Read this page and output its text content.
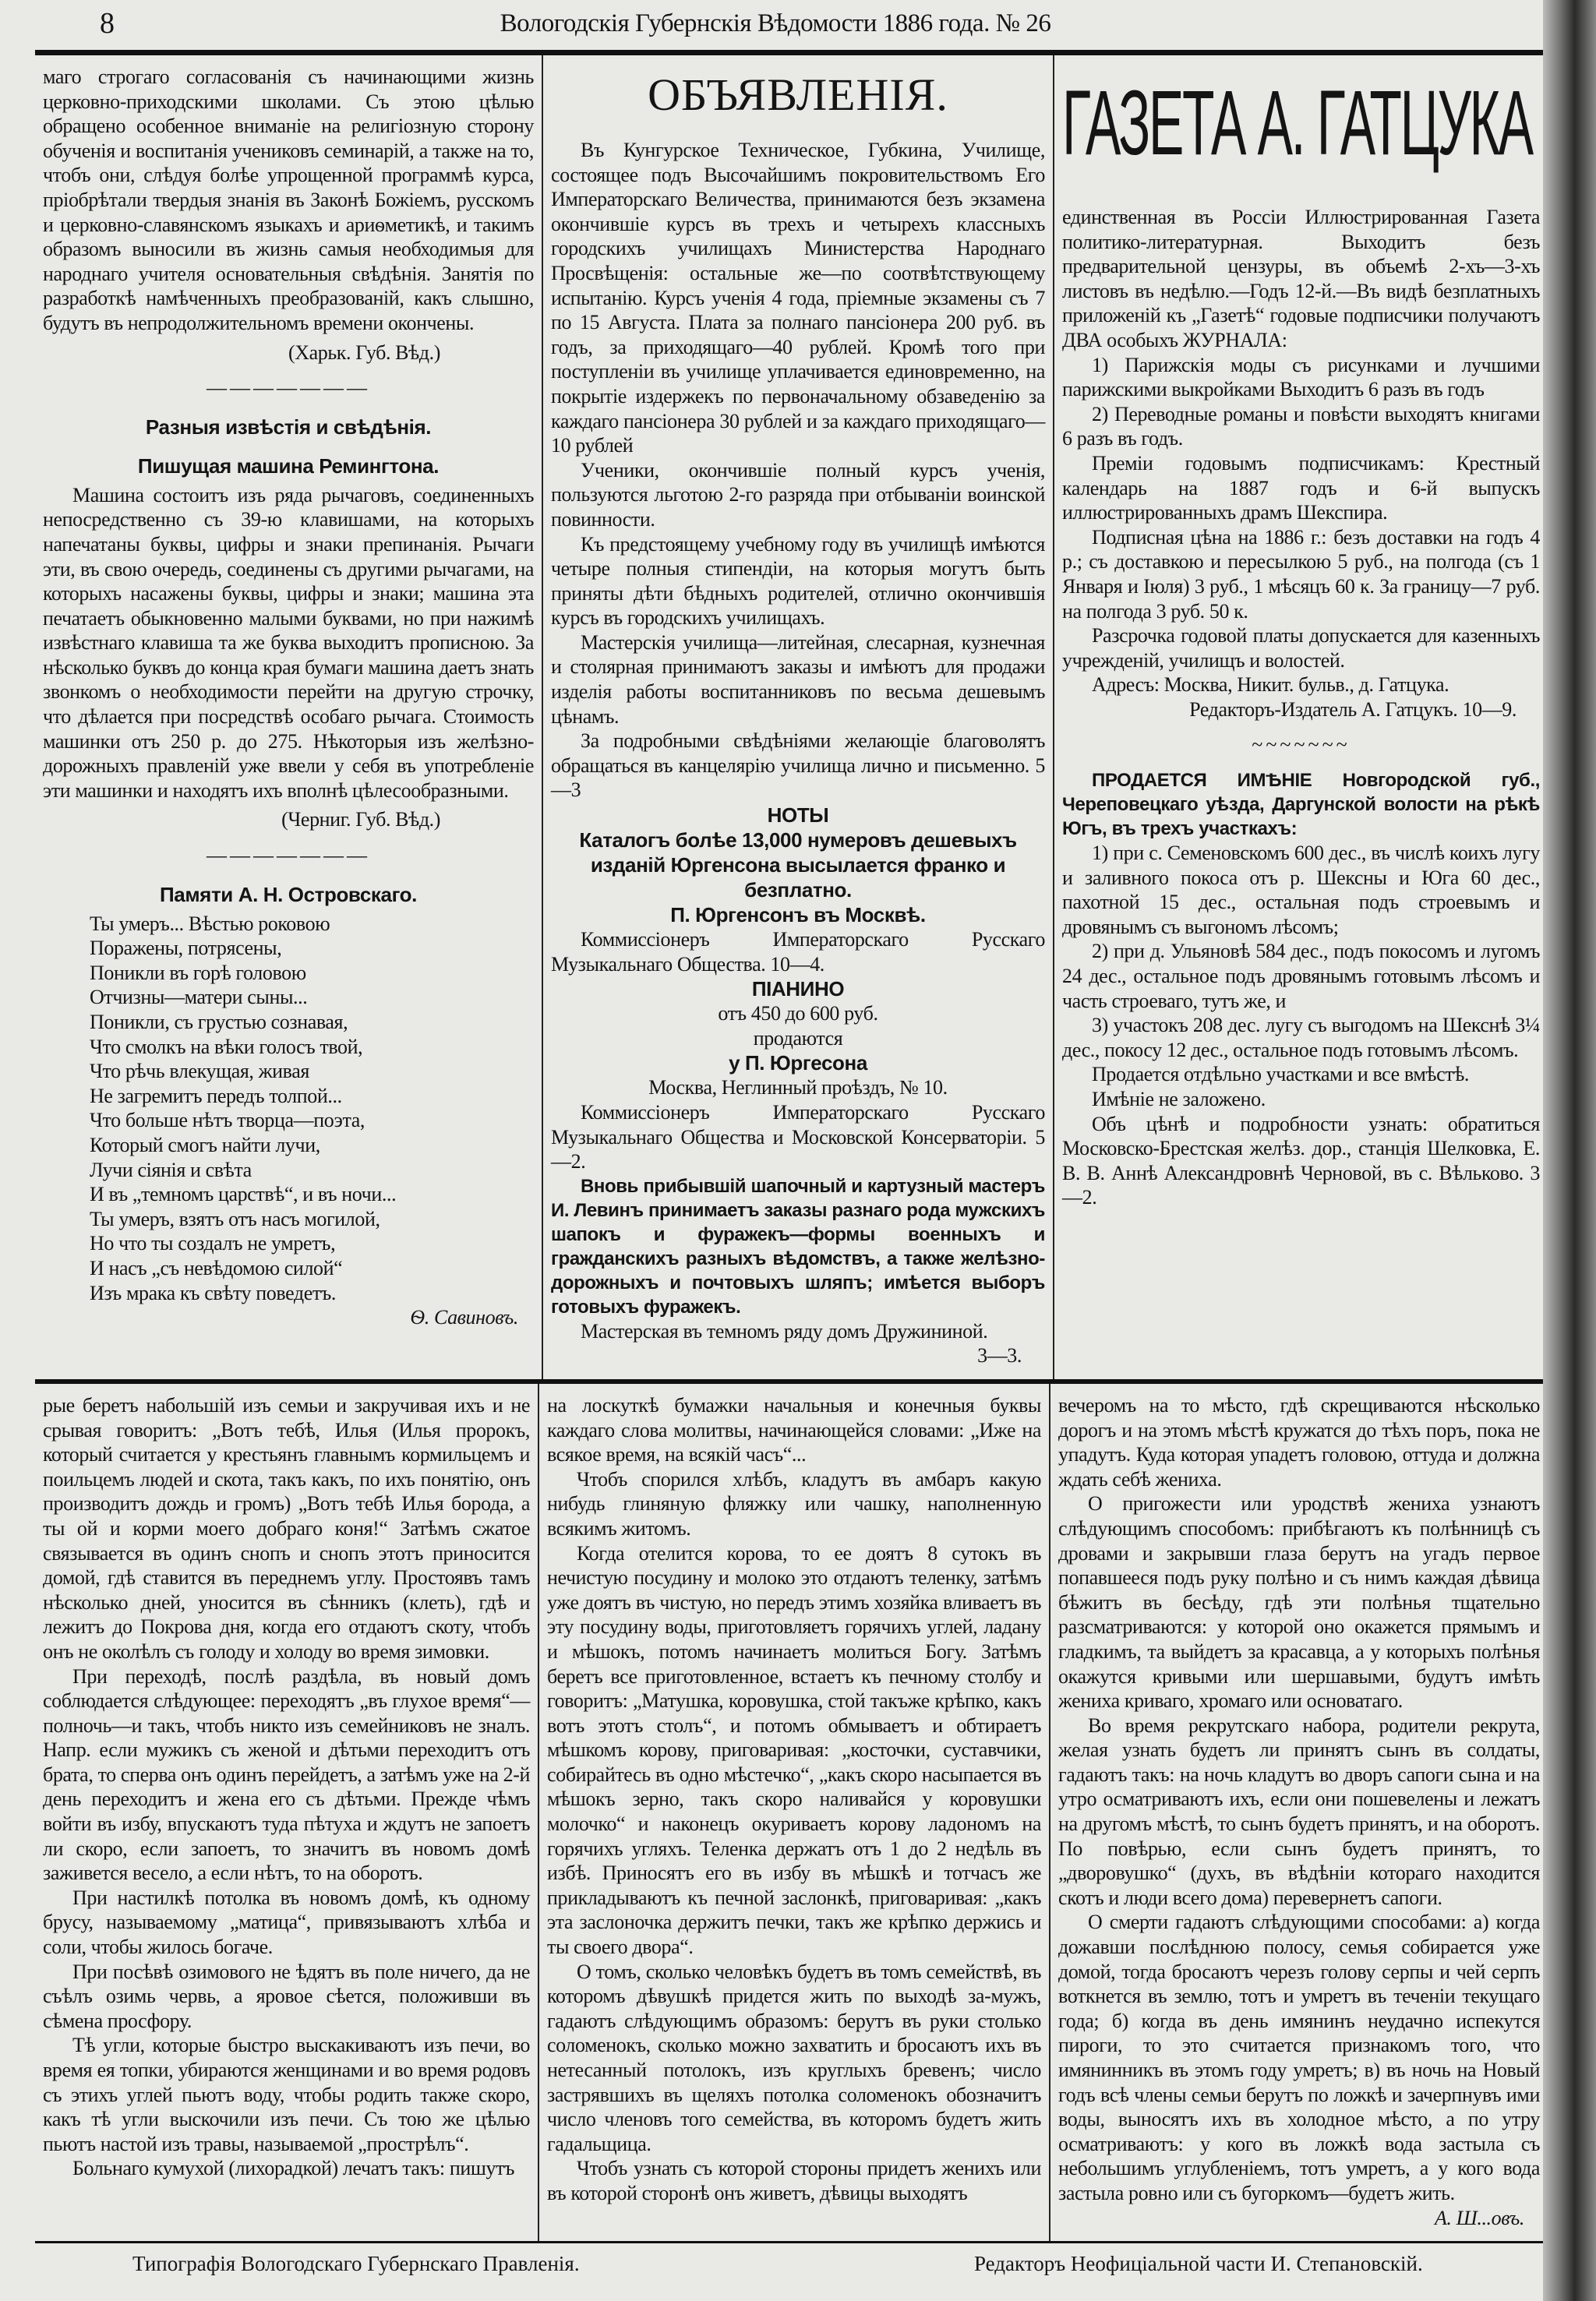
8	Вологодскія Губернскія Вѣдомости 1886 года. № 26
маго строгаго согласованія съ начинающими жизнь церковно-приходскими школами. Съ этою цѣлью обращено особенное вниманіе на религіозную сторону обученія и воспитанія учениковъ семинарій, а также на то, чтобъ они, слѣдуя болѣе упрощенной программѣ курса, пріобрѣтали твердыя знанія въ Законѣ Божіемъ, русскомъ и церковно-славянскомъ языкахъ и ариѳметикѣ, и такимъ образомъ выносили въ жизнь самыя необходимыя для народнаго учителя основательныя свѣдѣнія. Занятія по разработкѣ намѣченныхъ преобразованій, какъ слышно, будутъ въ непродолжительномъ времени окончены.
(Харьк. Губ. Вѣд.)
———————
Разныя извѣстія и свѣдѣнія.
Пишущая машина Ремингтона.
Машина состоитъ изъ ряда рычаговъ, соединенныхъ непосредственно съ 39-ю клавишами, на которыхъ напечатаны буквы, цифры и знаки препинанія. Рычаги эти, въ свою очередь, соединены съ другими рычагами, на которыхъ насажены буквы, цифры и знаки; машина эта печатаетъ обыкновенно малыми буквами, но при нажимѣ извѣстнаго клавиша та же буква выходитъ прописною. За нѣсколько буквъ до конца края бумаги машина даетъ знать звонкомъ о необходимости перейти на другую строчку, что дѣлается при посредствѣ особаго рычага. Стоимость машинки отъ 250 р. до 275. Нѣкоторыя изъ желѣзно-дорожныхъ правленій уже ввели у себя въ употребленіе эти машинки и находятъ ихъ вполнѣ цѣлесообразными.
(Черниг. Губ. Вѣд.)
———————
Памяти А. Н. Островскаго.
Ты умеръ... Вѣстью роковою
Поражены, потрясены,
Поникли въ горѣ головою
Отчизны—матери сыны...
Поникли, съ грустью сознавая,
Что смолкъ на вѣки голосъ твой,
Что рѣчь влекущая, живая
Не загремитъ передъ толпой...
Что больше нѣтъ творца—поэта,
Который смогъ найти лучи,
Лучи сіянія и свѣта
И въ „темномъ царствѣ“, и въ ночи...
Ты умеръ, взятъ отъ насъ могилой,
Но что ты создалъ не умретъ,
И насъ „съ невѣдомою силой“
Изъ мрака къ свѣту поведетъ.
Ѳ. Савиновъ.
ОБЪЯВЛЕНІЯ.
Въ Кунгурское Техническое, Губкина, Училище, состоящее подъ Высочайшимъ покровительствомъ Его Императорскаго Величества, принимаются безъ экзамена окончившіе курсъ въ трехъ и четырехъ классныхъ городскихъ училищахъ Министерства Народнаго Просвѣщенія: остальные же—по соотвѣтствующему испытанію. Курсъ ученія 4 года, пріемные экзамены съ 7 по 15 Августа. Плата за полнаго пансіонера 200 руб. въ годъ, за приходящаго—40 рублей. Кромѣ того при поступленіи въ училище уплачивается единовременно, на покрытіе издержекъ по первоначальному обзаведенію за каждаго пансіонера 30 рублей и за каждаго приходящаго—10 рублей
Ученики, окончившіе полный курсъ ученія, пользуются льготою 2-го разряда при отбываніи воинской повинности.
Къ предстоящему учебному году въ училищѣ имѣются четыре полныя стипендіи, на которыя могутъ быть приняты дѣти бѣдныхъ родителей, отлично окончившія курсъ въ городскихъ училищахъ.
Мастерскія училища—литейная, слесарная, кузнечная и столярная принимаютъ заказы и имѣютъ для продажи изделія работы воспитанниковъ по весьма дешевымъ цѣнамъ.
За подробными свѣдѣніями желающіе благоволятъ обращаться въ канцелярію училища лично и письменно. 5—3
НОТЫ
Каталогъ болѣе 13,000 нумеровъ дешевыхъ изданій Юргенсона высылается франко и безплатно.
П. Юргенсонъ въ Москвѣ.
Коммиссіонеръ Императорскаго Русскаго Музыкальнаго Общества. 10—4.
ПІАНИНО
отъ 450 до 600 руб.
продаются
у П. Юргесона
Москва, Неглинный проѣздъ, № 10.
Коммиссіонеръ Императорскаго Русскаго Музыкальнаго Общества и Московской Консерваторіи. 5—2.
Вновь прибывшій шапочный и картузный мастеръ И. Левинъ принимаетъ заказы разнаго рода мужскихъ шапокъ и фуражекъ—формы военныхъ и гражданскихъ разныхъ вѣдомствъ, а также желѣзно-дорожныхъ и почтовыхъ шляпъ; имѣется выборъ готовыхъ фуражекъ.
Мастерская въ темномъ ряду домъ Дружининой.
3—3.
ГАЗЕТА А. ГАТЦУКА
единственная въ Россіи Иллюстрированная Газета политико-литературная. Выходитъ безъ предварительной цензуры, въ объемѣ 2-хъ—3-хъ листовъ въ недѣлю.—Годъ 12-й.—Въ видѣ безплатныхъ приложеній къ „Газетѣ“ годовые подписчики получаютъ ДВА особыхъ ЖУРНАЛА:
1) Парижскія моды съ рисунками и лучшими парижскими выкройками Выходитъ 6 разъ въ годъ
2) Переводные романы и повѣсти выходятъ книгами 6 разъ въ годъ.
Преміи годовымъ подписчикамъ: Крестный календарь на 1887 годъ и 6-й выпускъ иллюстрированныхъ драмъ Шекспира.
Подписная цѣна на 1886 г.: безъ доставки на годъ 4 р.; съ доставкою и пересылкою 5 руб., на полгода (съ 1 Января и Іюля) 3 руб., 1 мѣсяцъ 60 к. За границу—7 руб. на полгода 3 руб. 50 к.
Разсрочка годовой платы допускается для казенныхъ учрежденій, училищъ и волостей.
Адресъ: Москва, Никит. бульв., д. Гатцука.
Редакторъ-Издатель А. Гатцукъ. 10—9.
~~~~~~~
ПРОДАЕТСЯ ИМѢНІЕ Новгородской губ., Череповецкаго уѣзда, Даргунской волости на рѣкѣ Югъ, въ трехъ участкахъ:
1) при с. Семеновскомъ 600 дес., въ числѣ коихъ лугу и заливного покоса отъ р. Шексны и Юга 60 дес., пахотной 15 дес., остальная подъ строевымъ и дровянымъ съ выгономъ лѣсомъ;
2) при д. Ульяновѣ 584 дес., подъ покосомъ и лугомъ 24 дес., остальное подъ дровянымъ готовымъ лѣсомъ и часть строеваго, тутъ же, и
3) участокъ 208 дес. лугу съ выгодомъ на Шекснѣ 3¼ дес., покосу 12 дес., остальное подъ готовымъ лѣсомъ.
Продается отдѣльно участками и все вмѣстѣ.
Имѣніе не заложено.
Объ цѣнѣ и подробности узнать: обратиться Московско-Брестская желѣз. дор., станція Шелковка, Е. В. В. Аннѣ Александровнѣ Черновой, въ с. Вѣльково. 3—2.
рые беретъ набольшій изъ семьи и закручивая ихъ и не срывая говоритъ: „Вотъ тебѣ, Илья (Илья пророкъ, который считается у крестьянъ главнымъ кормильцемъ и поильцемъ людей и скота, такъ какъ, по ихъ понятію, онъ производитъ дождь и громъ) „Вотъ тебѣ Илья борода, а ты ой и корми моего добраго коня!“ Затѣмъ сжатое связывается въ одинъ снопъ и снопъ этотъ приносится домой, гдѣ ставится въ переднемъ углу. Простоявъ тамъ нѣсколько дней, уносится въ сѣнникъ (клеть), гдѣ и лежитъ до Покрова дня, когда его отдаютъ скоту, чтобъ онъ не околѣлъ съ голоду и холоду во время зимовки.
При переходѣ, послѣ раздѣла, въ новый домъ соблюдается слѣдующее: переходятъ „въ глухое время“—полночь—и такъ, чтобъ никто изъ семейниковъ не зналъ. Напр. если мужикъ съ женой и дѣтьми переходитъ отъ брата, то сперва онъ одинъ перейдетъ, а затѣмъ уже на 2-й день переходитъ и жена его съ дѣтьми. Прежде чѣмъ войти въ избу, впускаютъ туда пѣтуха и ждутъ не запоетъ ли скоро, если запоетъ, то значитъ въ новомъ домѣ заживется весело, а если нѣтъ, то на оборотъ.
При настилкѣ потолка въ новомъ домѣ, къ одному брусу, называемому „матица“, привязываютъ хлѣба и соли, чтобы жилось богаче.
При посѣвѣ озимового не ѣдятъ въ поле ничего, да не съѣлъ озимь червь, а яровое сѣется, положивши въ сѣмена просфору.
Тѣ угли, которые быстро выскакиваютъ изъ печи, во время ея топки, убираются женщинами и во время родовъ съ этихъ углей пьютъ воду, чтобы родить также скоро, какъ тѣ угли выскочили изъ печи. Съ тою же цѣлью пьютъ настой изъ травы, называемой „прострѣлъ“.
Больнаго кумухой (лихорадкой) лечатъ такъ: пишутъ
на лоскуткѣ бумажки начальныя и конечныя буквы каждаго слова молитвы, начинающейся словами: „Иже на всякое время, на всякій часъ“...
Чтобъ спорился хлѣбъ, кладутъ въ амбаръ какую нибудь глиняную фляжку или чашку, наполненную всякимъ житомъ.
Когда отелится корова, то ее доятъ 8 сутокъ въ нечистую посудину и молоко это отдаютъ теленку, затѣмъ уже доятъ въ чистую, но передъ этимъ хозяйка вливаетъ въ эту посудину воды, приготовляетъ горячихъ углей, ладану и мѣшокъ, потомъ начинаетъ молиться Богу. Затѣмъ беретъ все приготовленное, встаетъ къ печному столбу и говоритъ: „Матушка, коровушка, стой такъже крѣпко, какъ вотъ этотъ столъ“, и потомъ обмываетъ и обтираетъ мѣшкомъ корову, приговаривая: „косточки, суставчики, собирайтесь въ одно мѣстечко“, „какъ скоро насыпается въ мѣшокъ зерно, такъ скоро наливайся у коровушки молочко“ и наконецъ окуриваетъ корову ладономъ на горячихъ угляхъ. Теленка держатъ отъ 1 до 2 недѣль въ избѣ. Приносятъ его въ избу въ мѣшкѣ и тотчасъ же прикладываютъ къ печной заслонкѣ, приговаривая: „какъ эта заслоночка держитъ печки, такъ же крѣпко держись и ты своего двора“.
О томъ, сколько человѣкъ будетъ въ томъ семействѣ, въ которомъ дѣвушкѣ придется жить по выходѣ за-мужъ, гадаютъ слѣдующимъ образомъ: берутъ въ руки столько соломенокъ, сколько можно захватить и бросаютъ ихъ въ нетесанный потолокъ, изъ круглыхъ бревенъ; число застрявшихъ въ щеляхъ потолка соломенокъ обозначитъ число членовъ того семейства, въ которомъ будетъ жить гадальщица.
Чтобъ узнать съ которой стороны придетъ женихъ или въ которой сторонѣ онъ живетъ, дѣвицы выходятъ
вечеромъ на то мѣсто, гдѣ скрещиваются нѣсколько дорогъ и на этомъ мѣстѣ кружатся до тѣхъ поръ, пока не упадутъ. Куда которая упадетъ головою, оттуда и должна ждать себѣ жениха.
О пригожести или уродствѣ жениха узнаютъ слѣдующимъ способомъ: прибѣгаютъ къ полѣнницѣ съ дровами и закрывши глаза берутъ на угадъ первое попавшееся подъ руку полѣно и съ нимъ каждая дѣвица бѣжитъ въ бесѣду, гдѣ эти полѣнья тщательно разсматриваются: у которой оно окажется прямымъ и гладкимъ, та выйдетъ за красавца, а у которыхъ полѣнья окажутся кривыми или шершавыми, будутъ имѣть жениха криваго, хромаго или основатаго.
Во время рекрутскаго набора, родители рекрута, желая узнать будетъ ли принятъ сынъ въ солдаты, гадаютъ такъ: на ночь кладутъ во дворъ сапоги сына и на утро осматриваютъ ихъ, если они пошевелены и лежатъ на другомъ мѣстѣ, то сынъ будетъ принятъ, и на оборотъ. По повѣрью, если сынъ будетъ принятъ, то „дворовушко“ (духъ, въ вѣдѣніи котораго находится скотъ и люди всего дома) перевернетъ сапоги.
О смерти гадаютъ слѣдующими способами: а) когда дожавши послѣднюю полосу, семья собирается уже домой, тогда бросаютъ черезъ голову серпы и чей серпъ воткнется въ землю, тотъ и умретъ въ теченіи текущаго года; б) когда въ день имянинъ неудачно испекутся пироги, то это считается признакомъ того, что имянинникъ въ этомъ году умретъ; в) въ ночь на Новый годъ всѣ члены семьи берутъ по ложкѣ и зачерпнувъ ими воды, выносятъ ихъ въ холодное мѣсто, а по утру осматриваютъ: у кого въ ложкѣ вода застыла съ небольшимъ углубленіемъ, тотъ умретъ, а у кого вода застыла ровно или съ бугоркомъ—будетъ жить.
А. Ш...овъ.
Типографія Вологодскаго Губернскаго Правленія.	Редакторъ Неофиціальной части И. Степановскій.
